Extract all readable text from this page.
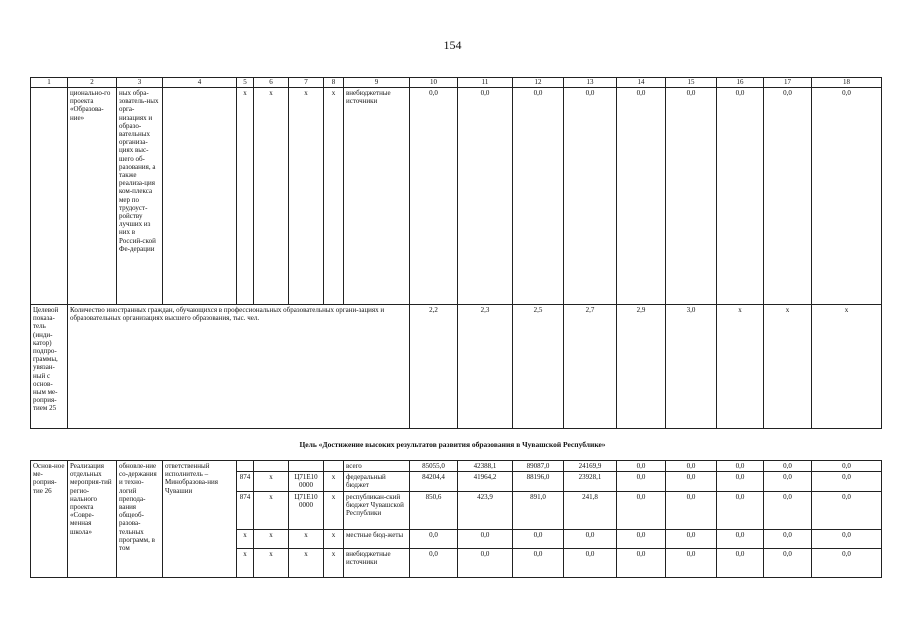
154
1	2	3	4	5	6	7	8	9	10	11	12	13	14	15	16	17	18
	ционально-го проекта «Образова-ние»	ных обра-зователь-ных орга-низациях и образо-вательных организа-циях выс-шего об-разования, а также реализа-ция ком-плекса мер по трудоуст-ройству лучших из них в Россий-ской Фе-дерации		x	x	x	x	внебюджетные источники	0,0	0,0	0,0	0,0	0,0	0,0	0,0	0,0	0,0
Целевой показа-тель (инди-катор) подпро-граммы, увязан-ный с основ-ным ме-роприя-тием 25	Количество иностранных граждан, обучающихся в профессиональных образовательных органи-зациях и образовательных организациях высшего образования, тыс. чел.								2,2	2,3	2,5	2,7	2,9	3,0	x	x	x
Цель «Достижение высоких результатов развития образования в Чувашской Республике»
Основ-ное ме-роприя-тие 26	Реализация отдельных мероприя-тий регио-нального проекта «Совре-менная школа»	обновле-ние со-держания и техно-логий препода-вания общеоб-разова-тельных программ, в том	ответственный исполнитель – Минобразова-ния Чувашии					всего	85055,0	42388,1	89087,0	24169,9	0,0	0,0	0,0	0,0	0,0
				874	x	Ц71Е10 0000	x	федеральный бюджет	84204,4	41964,2	88196,0	23928,1	0,0	0,0	0,0	0,0	0,0
				874	x	Ц71Е10 0000	x	республикан-ский бюджет Чувашской Республики	850,6	423,9	891,0	241,8	0,0	0,0	0,0	0,0	0,0
				x	x	x	x	местные бюд-жеты	0,0	0,0	0,0	0,0	0,0	0,0	0,0	0,0	0,0
				x	x	x	x	внебюджетные источники	0,0	0,0	0,0	0,0	0,0	0,0	0,0	0,0	0,0
